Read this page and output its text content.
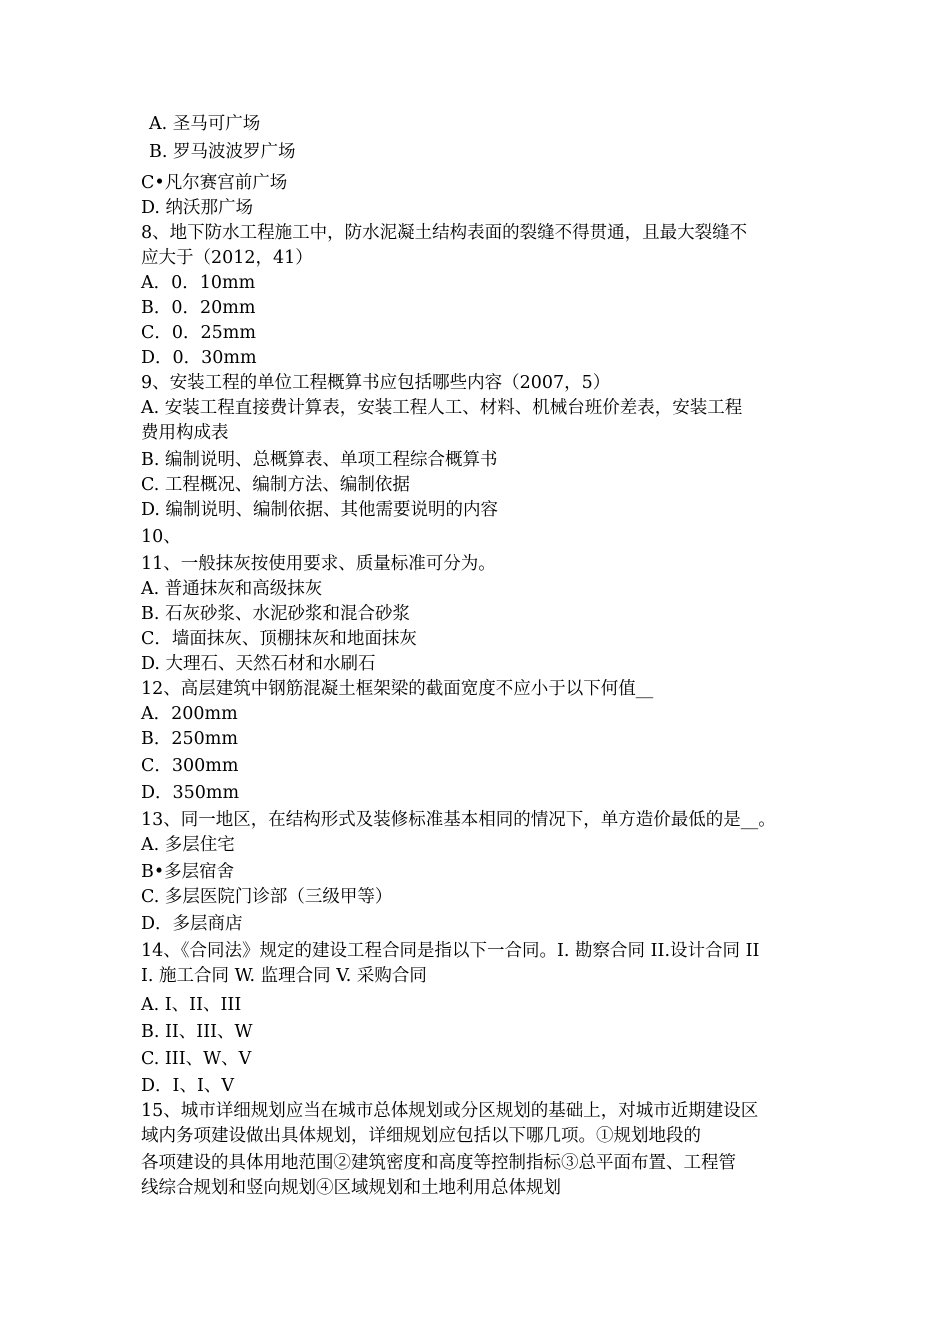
A. 圣马可广场
B. 罗马波波罗广场
C•凡尔赛宫前广场
D. 纳沃那广场
8、地下防水工程施工中，防水泥凝土结构表面的裂缝不得贯通，且最大裂缝不
应大于（2012，41）
A．0．10mm
B．0．20mm
C．0．25mm
D．0．30mm
9、安装工程的单位工程概算书应包括哪些内容（2007，5）
A. 安装工程直接费计算表，安装工程人工、材料、机械台班价差表，安装工程
费用构成表
B. 编制说明、总概算表、单项工程综合概算书
C. 工程概况、编制方法、编制依据
D. 编制说明、编制依据、其他需要说明的内容
10、
11、一般抹灰按使用要求、质量标准可分为。
A. 普通抹灰和高级抹灰
B. 石灰砂浆、水泥砂浆和混合砂浆
C．墙面抹灰、顶棚抹灰和地面抹灰
D. 大理石、天然石材和水刷石
12、高层建筑中钢筋混凝土框架梁的截面宽度不应小于以下何值__
A．200mm
B．250mm
C．300mm
D．350mm
13、同一地区，在结构形式及装修标准基本相同的情况下，单方造价最低的是__。
A. 多层住宅
B•多层宿舍
C. 多层医院门诊部（三级甲等）
D．多层商店
14、《合同法》规定的建设工程合同是指以下一合同。I. 勘察合同 II.设计合同 II
I. 施工合同 W. 监理合同 V. 采购合同
A. I、II、III
B. II、III、W
C. III、W、V
D．I、I、V
15、城市详细规划应当在城市总体规划或分区规划的基础上，对城市近期建设区
域内务项建设做出具体规划，详细规划应包括以下哪几项。①规划地段的
各项建设的具体用地范围②建筑密度和高度等控制指标③总平面布置、工程管
线综合规划和竖向规划④区域规划和土地利用总体规划
